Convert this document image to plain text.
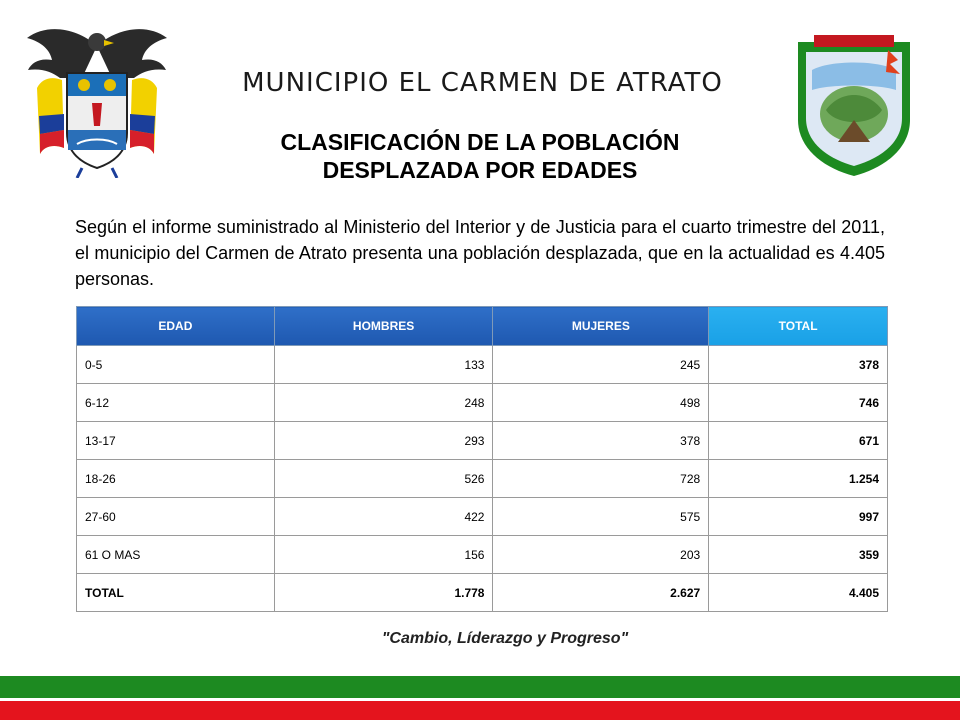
MUNICIPIO EL CARMEN DE ATRATO
CLASIFICACIÓN DE LA POBLACIÓN
DESPLAZADA POR EDADES
Según el informe suministrado al Ministerio del Interior y de Justicia para el cuarto trimestre del 2011, el municipio del Carmen de Atrato presenta una población desplazada, que en la actualidad es 4.405 personas.
EDAD	HOMBRES	MUJERES	TOTAL
0-5	133	245	378
6-12	248	498	746
13-17	293	378	671
18-26	526	728	1.254
27-60	422	575	997
61 O MAS	156	203	359
TOTAL	1.778	2.627	4.405
"Cambio, Líderazgo y Progreso"
